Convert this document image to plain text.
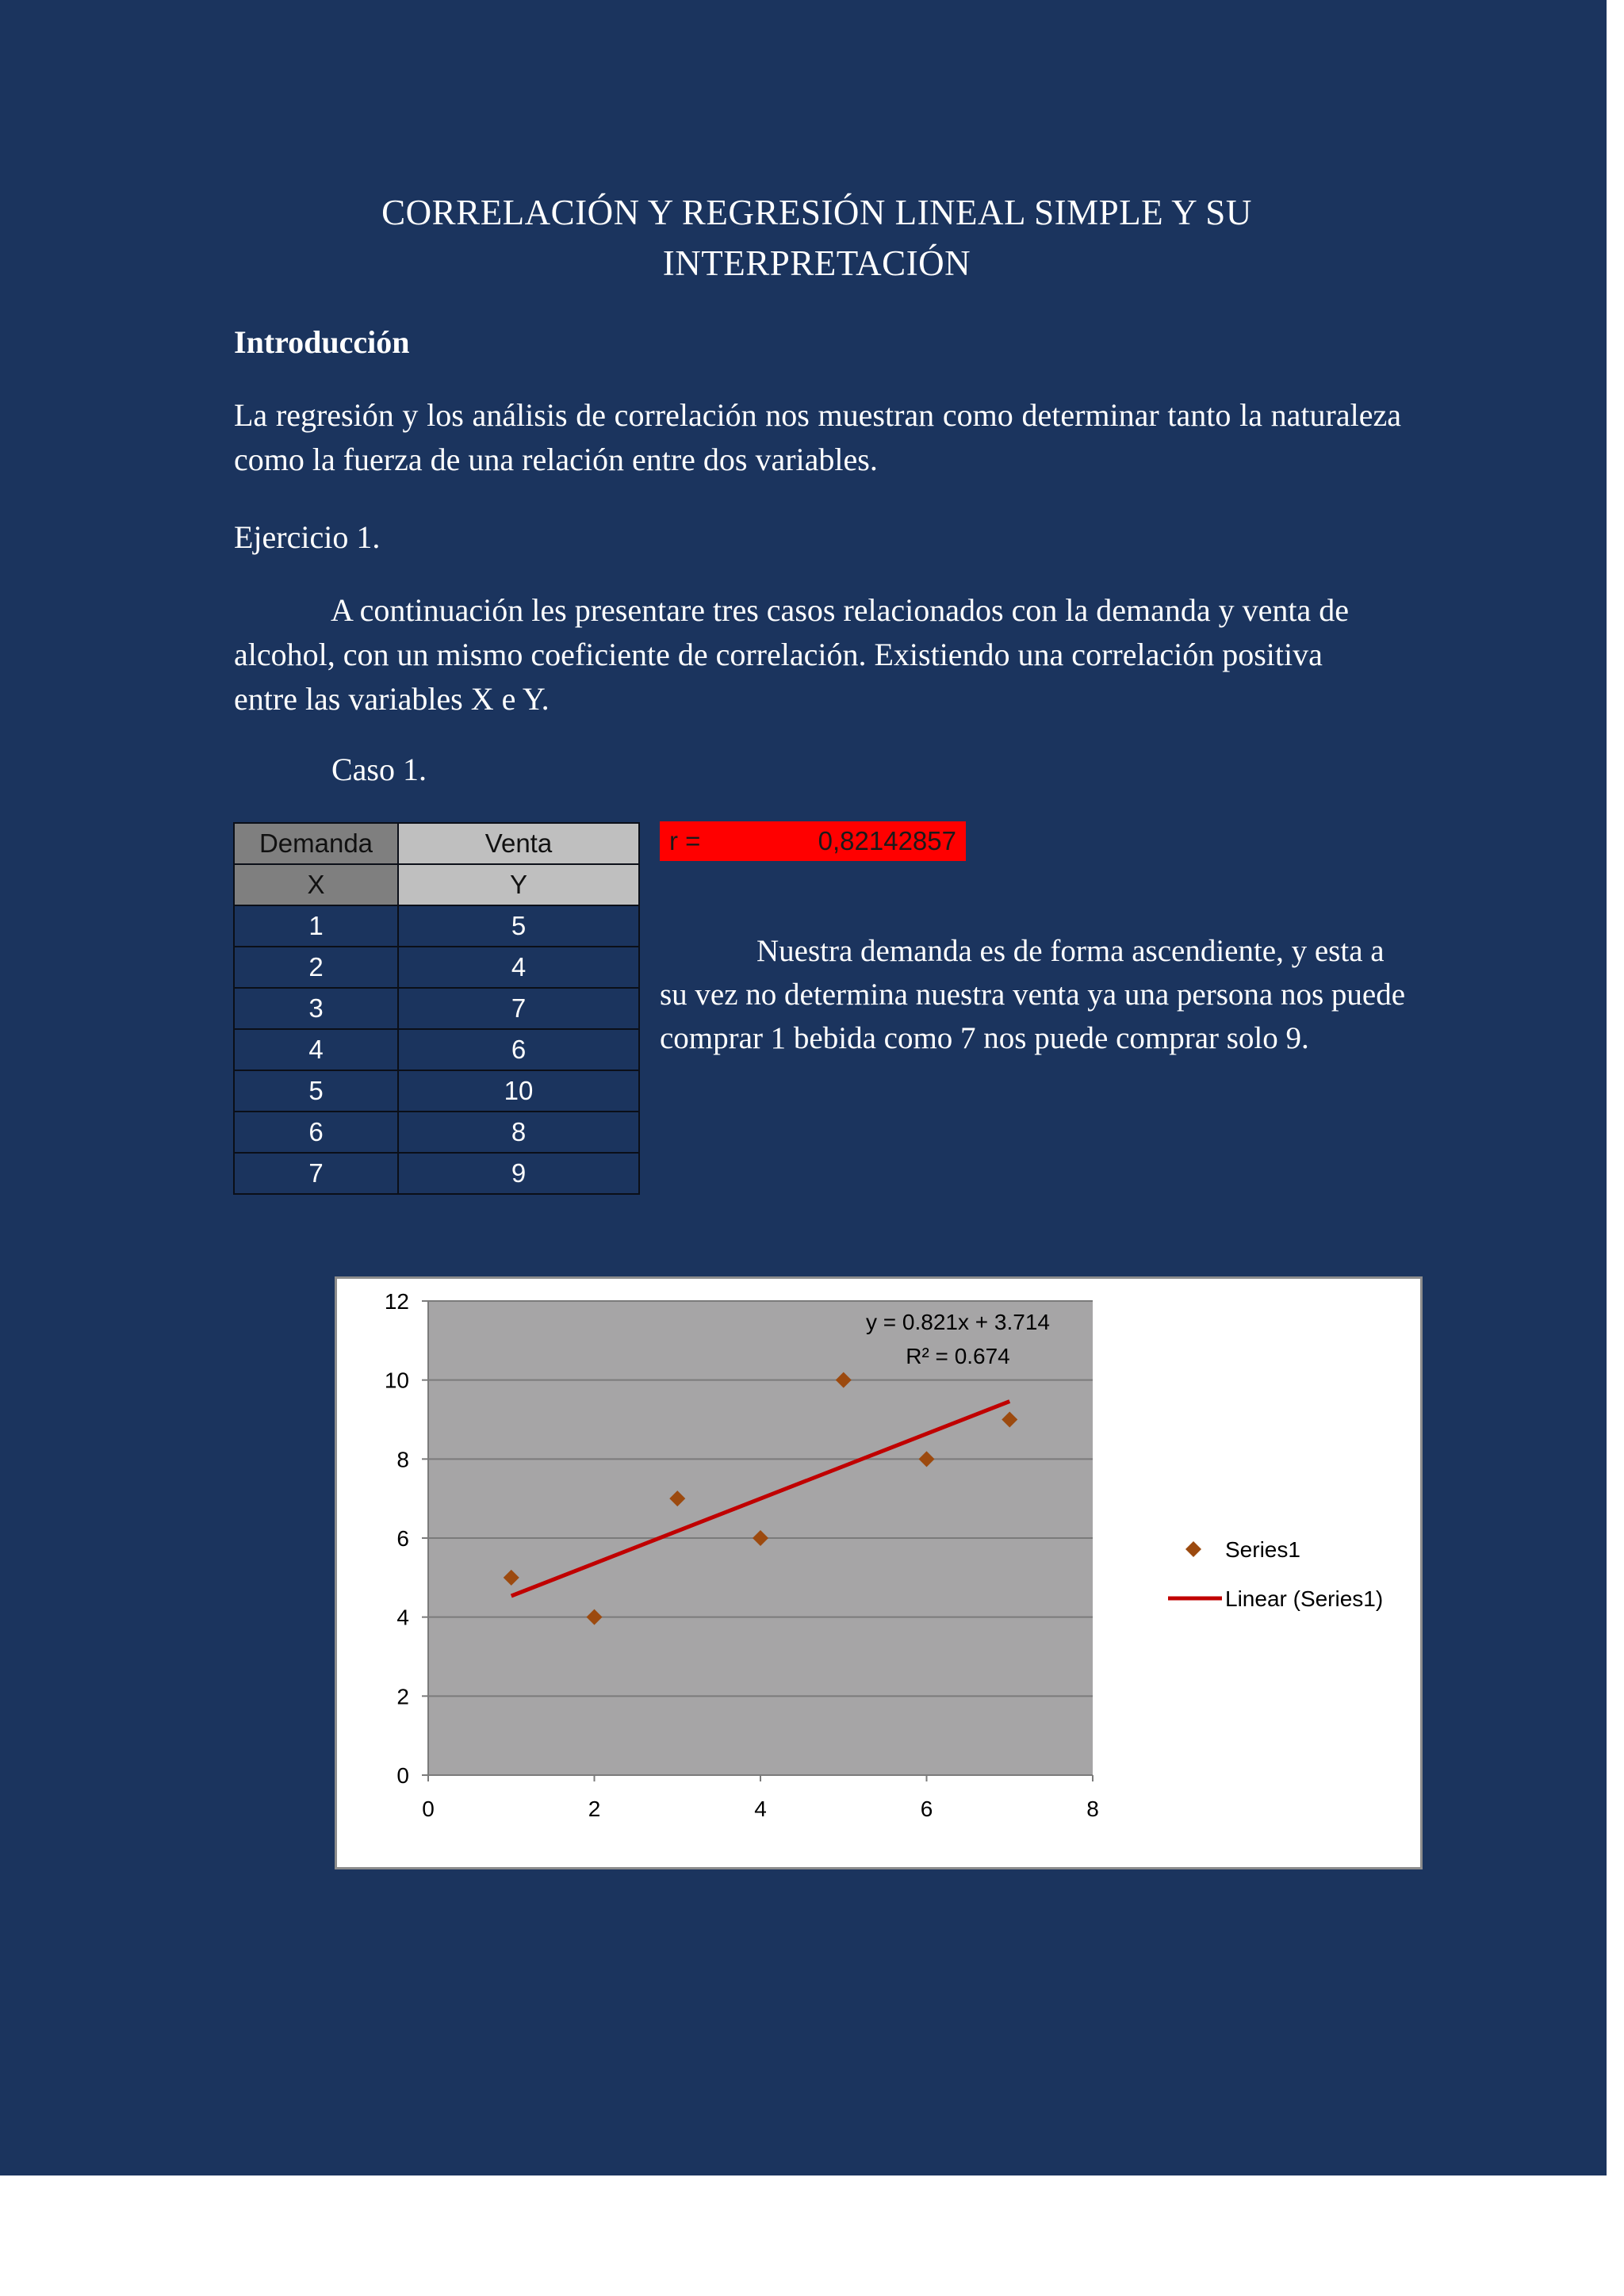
CORRELACIÓN Y REGRESIÓN LINEAL SIMPLE Y SU
INTERPRETACIÓN
Introducción
La regresión y los análisis de correlación nos muestran como determinar tanto la naturaleza como la fuerza de una relación entre dos variables.
Ejercicio 1.
A continuación les presentare tres casos relacionados con la demanda y venta de alcohol, con un mismo coeficiente de correlación. Existiendo una correlación positiva entre las variables X e Y.
Caso 1.
Demanda	Venta
X	Y
1	5
2	4
3	7
4	6
5	10
6	8
7	9
r =	0,82142857
Nuestra demanda es de forma ascendiente, y esta a su vez no determina nuestra venta ya una persona nos puede comprar 1 bebida como 7 nos puede comprar solo 9.
0
2
4
6
8
10
12
0	2	4	6	8
y = 0.821x + 3.714
R² = 0.674
Series1
Linear (Series1)
